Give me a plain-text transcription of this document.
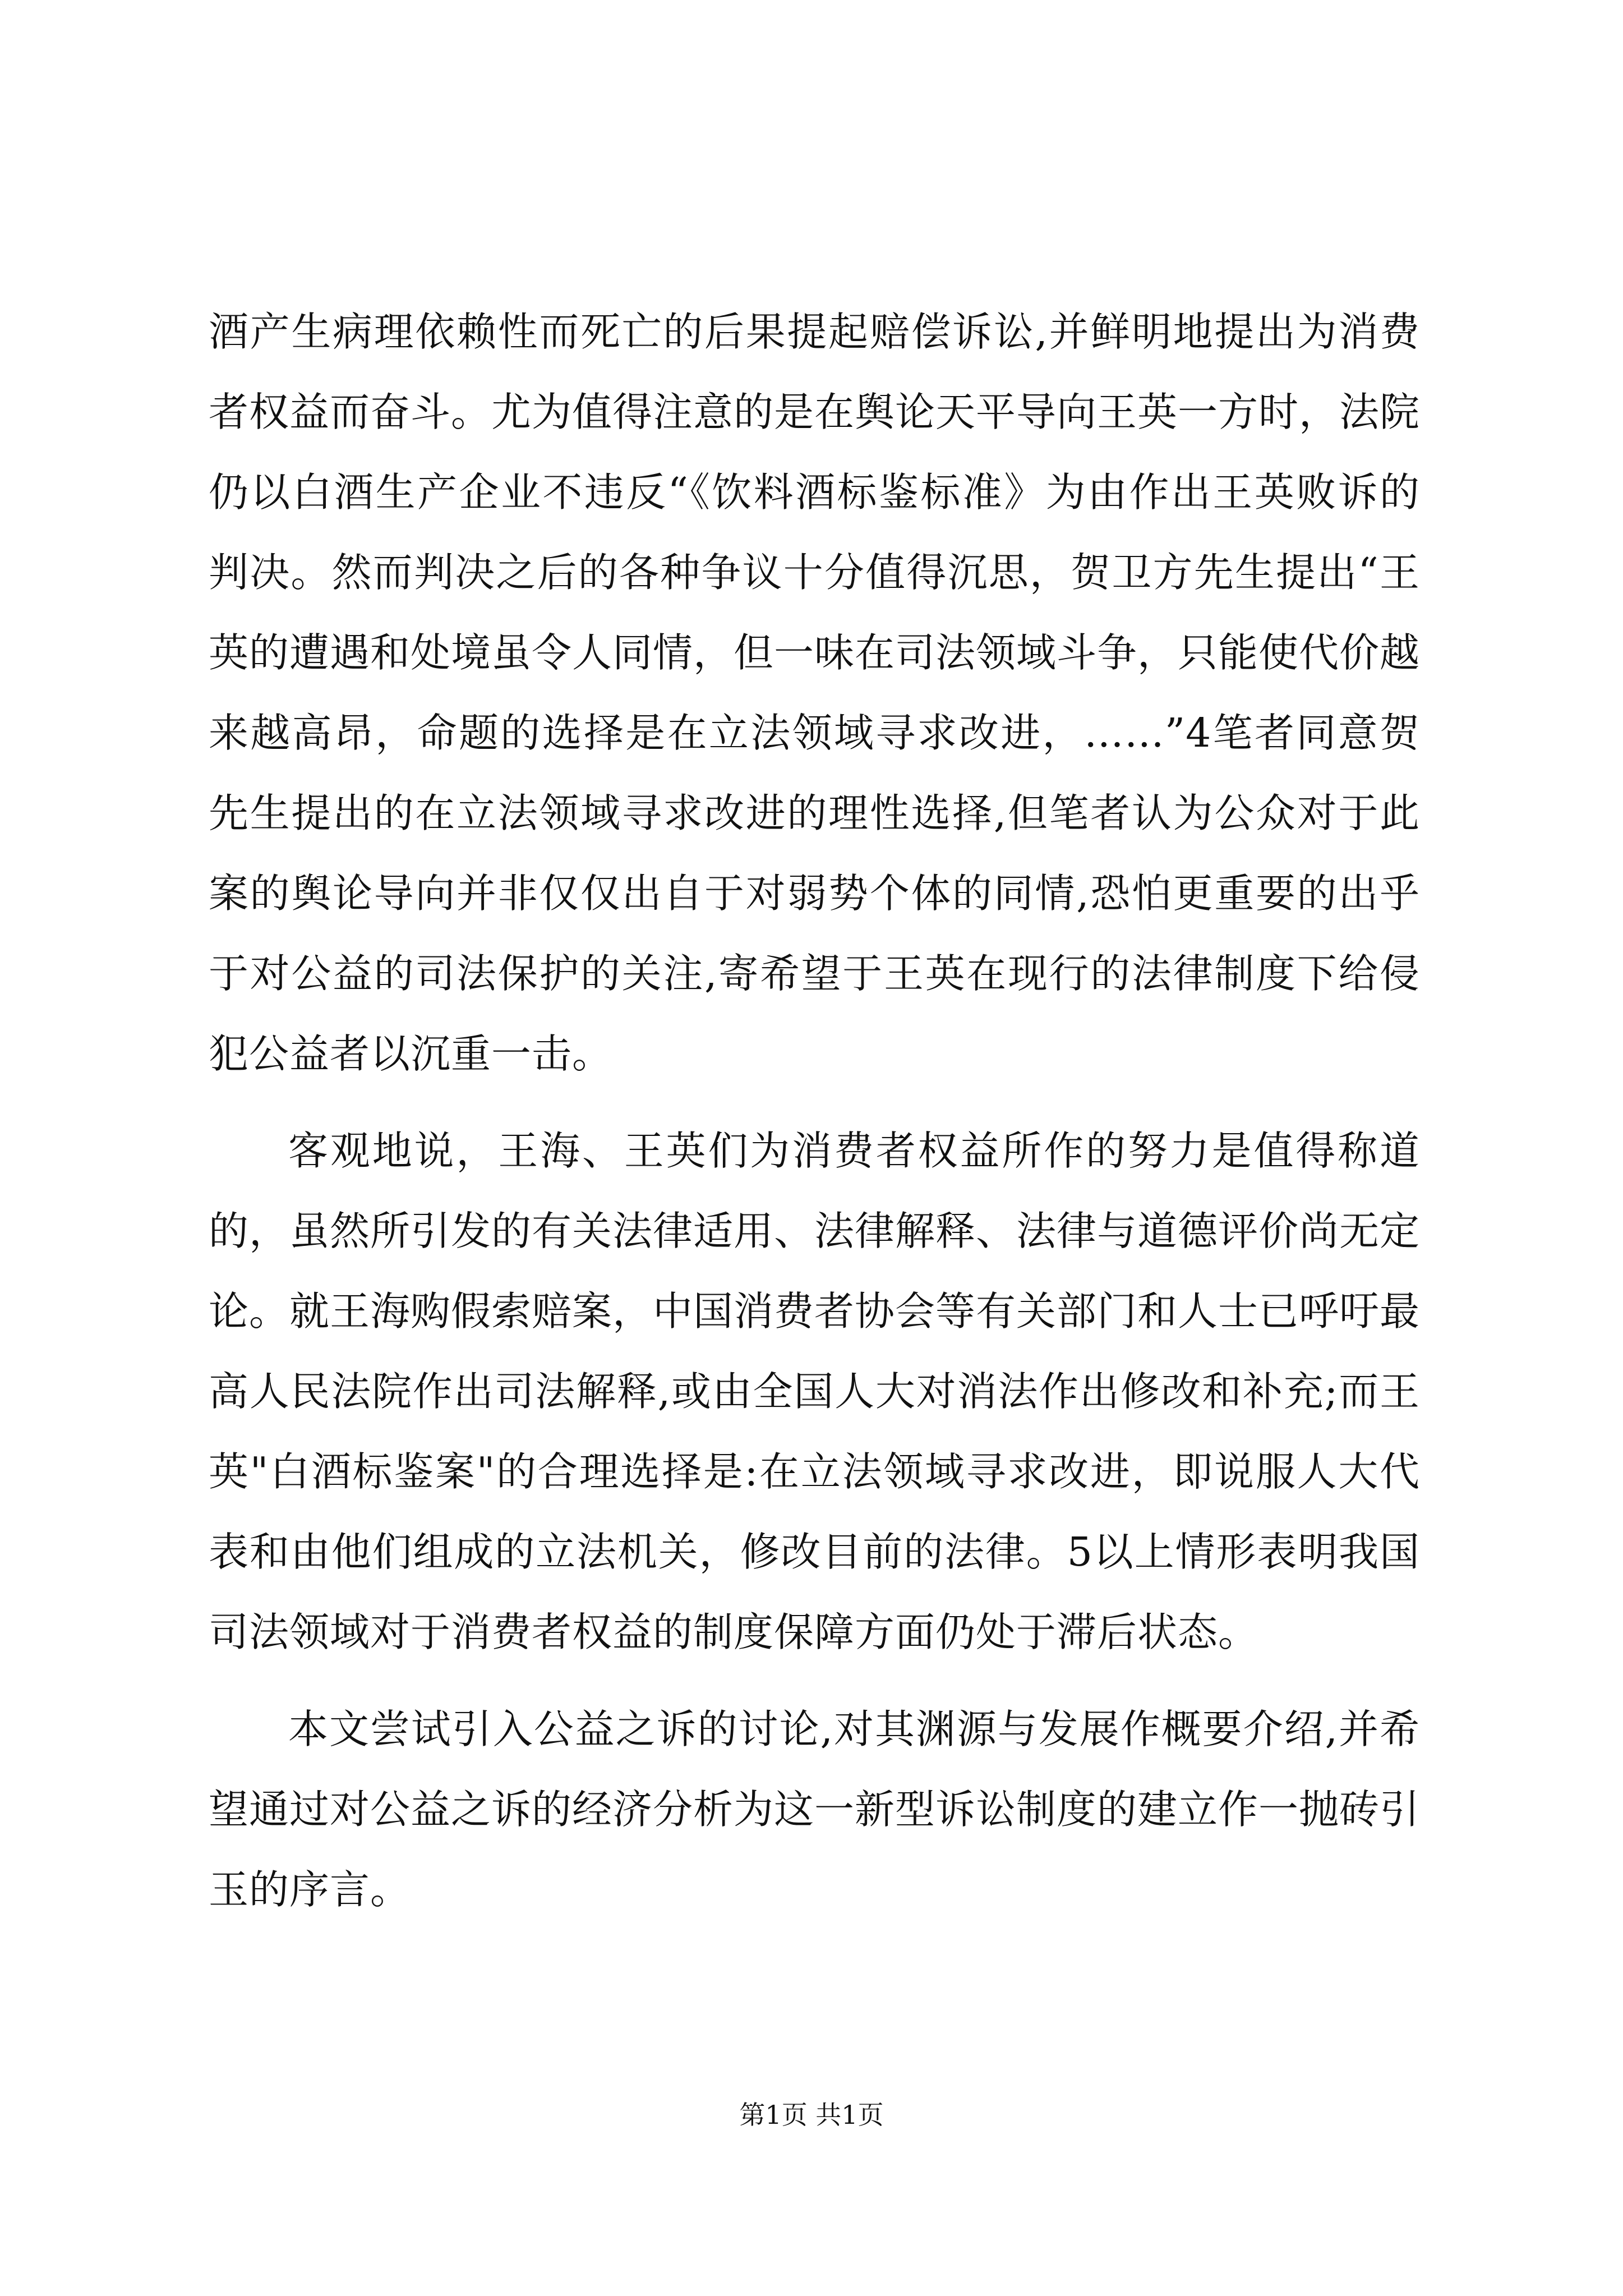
酒产生病理依赖性而死亡的后果提起赔偿诉讼,并鲜明地提出为消费者权益而奋斗。尤为值得注意的是在舆论天平导向王英一方时，法院仍以白酒生产企业不违反“《饮料酒标鉴标准》为由作出王英败诉的判决。然而判决之后的各种争议十分值得沉思，贺卫方先生提出“王英的遭遇和处境虽令人同情，但一味在司法领域斗争，只能使代价越来越高昂，命题的选择是在立法领域寻求改进，……”4笔者同意贺先生提出的在立法领域寻求改进的理性选择,但笔者认为公众对于此案的舆论导向并非仅仅出自于对弱势个体的同情,恐怕更重要的出乎于对公益的司法保护的关注,寄希望于王英在现行的法律制度下给侵犯公益者以沉重一击。

客观地说，王海、王英们为消费者权益所作的努力是值得称道的，虽然所引发的有关法律适用、法律解释、法律与道德评价尚无定论。就王海购假索赔案，中国消费者协会等有关部门和人士已呼吁最高人民法院作出司法解释,或由全国人大对消法作出修改和补充;而王英"白酒标鉴案"的合理选择是:在立法领域寻求改进，即说服人大代表和由他们组成的立法机关，修改目前的法律。5以上情形表明我国司法领域对于消费者权益的制度保障方面仍处于滞后状态。

本文尝试引入公益之诉的讨论,对其渊源与发展作概要介绍,并希望通过对公益之诉的经济分析为这一新型诉讼制度的建立作一抛砖引玉的序言。

第1页 共1页
